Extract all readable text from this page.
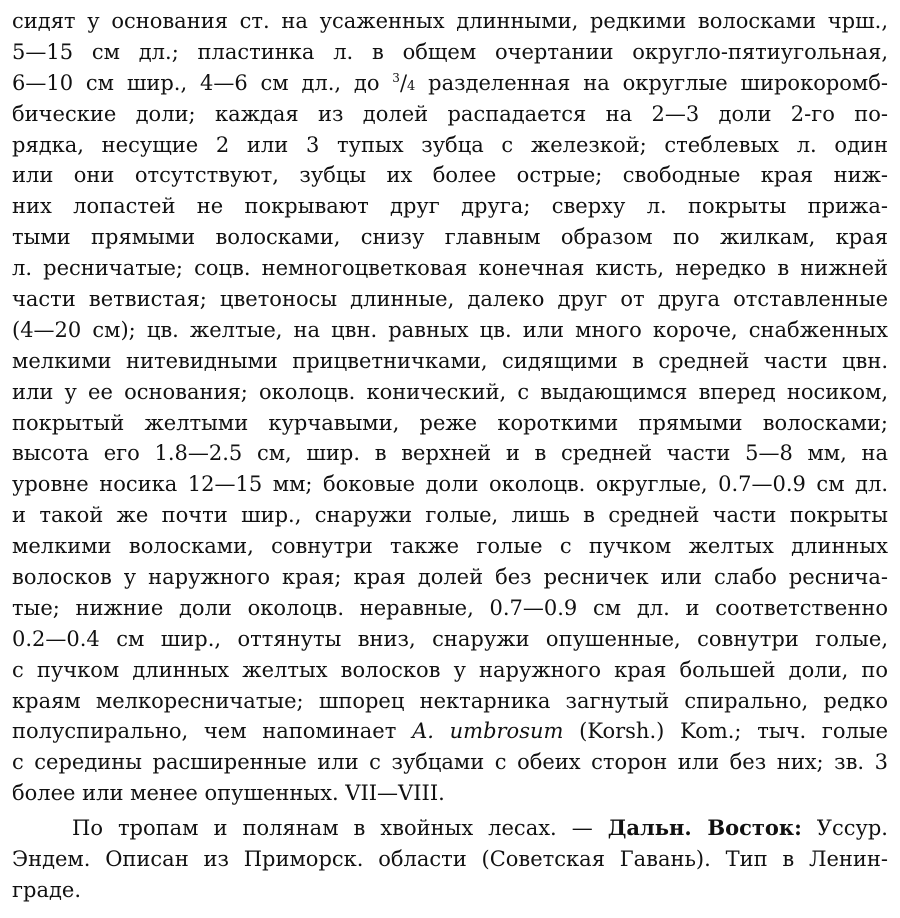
сидят у основания ст. на усаженных длинными, редкими волосками чрш.,
5—15 см дл.; пластинка л. в общем очертании округло-пятиугольная,
6—10 см шир., 4—6 см дл., до $^3$/4 разделенная на округлые широкоромб-
бические доли; каждая из долей распадается на 2—3 доли 2-го по-
рядка, несущие 2 или 3 тупых зубца с железкой; стеблевых л. один
или они отсутствуют, зубцы их более острые; свободные края ниж-
них лопастей не покрывают друг друга; сверху л. покрыты прижа-
тыми прямыми волосками, снизу главным образом по жилкам, края
л. ресничатые; соцв. немногоцветковая конечная кисть, нередко в нижней
части ветвистая; цветоносы длинные, далеко друг от друга отставленные
(4—20 см); цв. желтые, на цвн. равных цв. или много короче, снабженных
мелкими нитевидными прицветничками, сидящими в средней части цвн.
или у ее основания; околоцв. конический, с выдающимся вперед носиком,
покрытый желтыми курчавыми, реже короткими прямыми волосками;
высота его 1.8—2.5 см, шир. в верхней и в средней части 5—8 мм, на
уровне носика 12—15 мм; боковые доли околоцв. округлые, 0.7—0.9 см дл.
и такой же почти шир., снаружи голые, лишь в средней части покрыты
мелкими волосками, совнутри также голые с пучком желтых длинных
волосков у наружного края; края долей без ресничек или слабо реснича-
тые; нижние доли околоцв. неравные, 0.7—0.9 см дл. и соответственно
0.2—0.4 см шир., оттянуты вниз, снаружи опушенные, совнутри голые,
с пучком длинных желтых волосков у наружного края большей доли, по
краям мелкоресничатые; шпорец нектарника загнутый спирально, редко
полуспирально, чем напоминает A. umbrosum (Korsh.) Kom.; тыч. голые
с середины расширенные или с зубцами с обеих сторон или без них; зв. 3
более или менее опушенных. VII—VIII.
По тропам и полянам в хвойных лесах. — Дальн. Восток: Уссур.
Эндем. Описан из Приморск. области (Советская Гавань). Тип в Ленин-
граде.
